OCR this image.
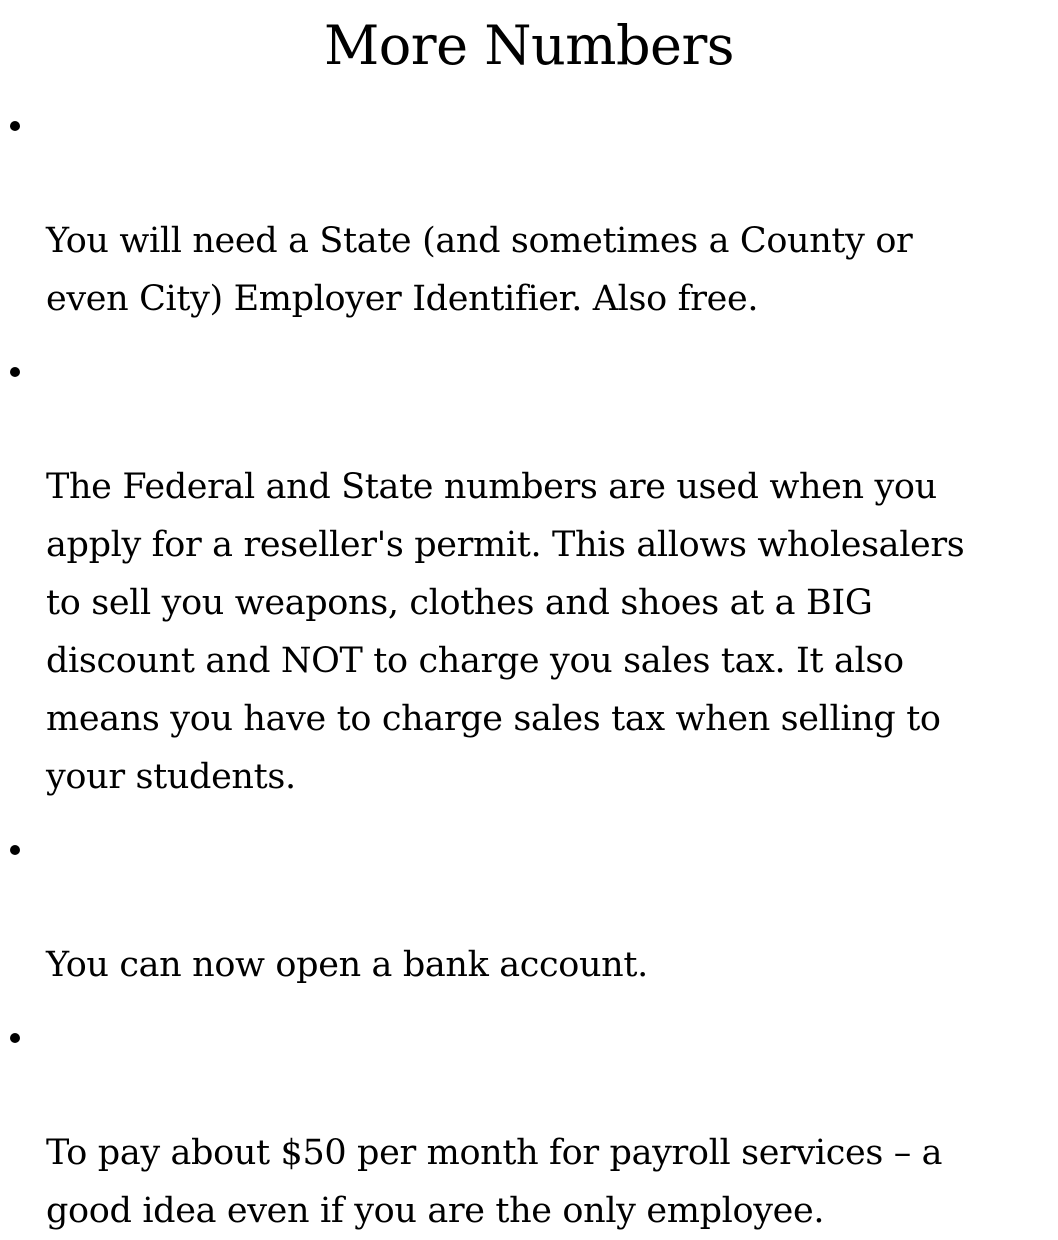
More Numbers

You will need a State (and sometimes a County or
even City) Employer Identifier. Also free.

The Federal and State numbers are used when you
apply for a reseller's permit. This allows wholesalers
to sell you weapons, clothes and shoes at a BIG
discount and NOT to charge you sales tax. It also
means you have to charge sales tax when selling to
your students.

You can now open a bank account.

To pay about $50 per month for payroll services – a
good idea even if you are the only employee.
